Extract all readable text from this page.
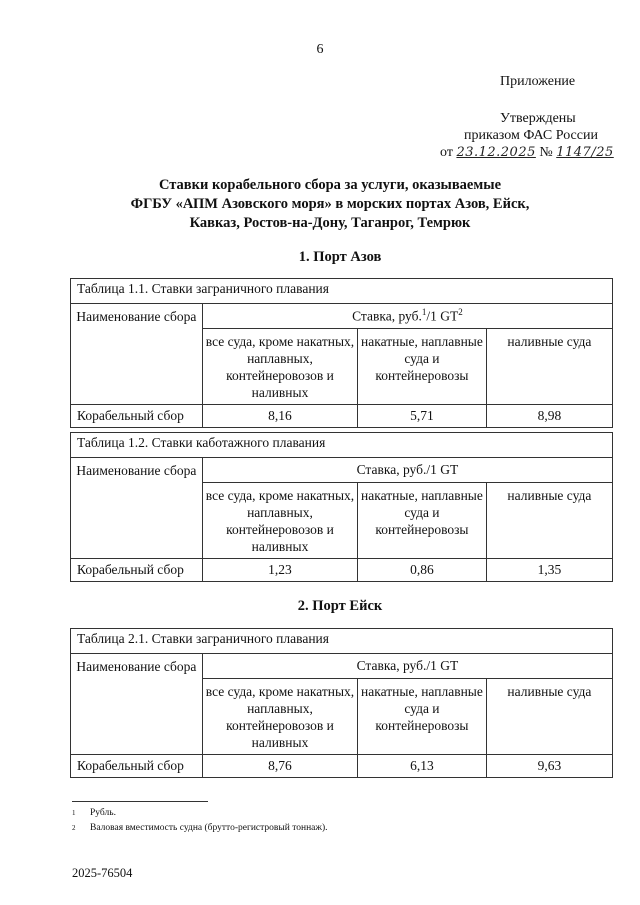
6
Приложение
Утверждены
приказом ФАС России
от 23.12.2025 № 1147/25
Ставки корабельного сбора за услуги, оказываемые
ФГБУ «АПМ Азовского моря» в морских портах Азов, Ейск,
Кавказ, Ростов-на-Дону, Таганрог, Темрюк
1. Порт Азов
Таблица 1.1. Ставки заграничного плавания			
Наименование сбора	Ставка, руб.$^1$/1 $GT^2$
	все суда, кроме накатных, наплавных, контейнеровозов и наливных	накатные, наплавные суда и контейнеровозы	наливные суда
Корабельный сбор	8,16	5,71	8,98
Таблица 1.2. Ставки каботажного плавания			
Наименование сбора	Ставка, руб./1 GT		
	все суда, кроме накатных, наплавных, контейнеровозов и наливных	накатные, наплавные суда и контейнеровозы	наливные суда
Корабельный сбор	1,23	0,86	1,35
2. Порт Ейск
Таблица 2.1. Ставки заграничного плавания			
Наименование сбора	Ставка, руб./1 GT		
	все суда, кроме накатных, наплавных, контейнеровозов и наливных	накатные, наплавные суда и контейнеровозы	наливные суда
Корабельный сбор	8,76	6,13	9,63
1	Рубль.
2	Валовая вместимость судна (брутто-регистровый тоннаж).
2025-76504
